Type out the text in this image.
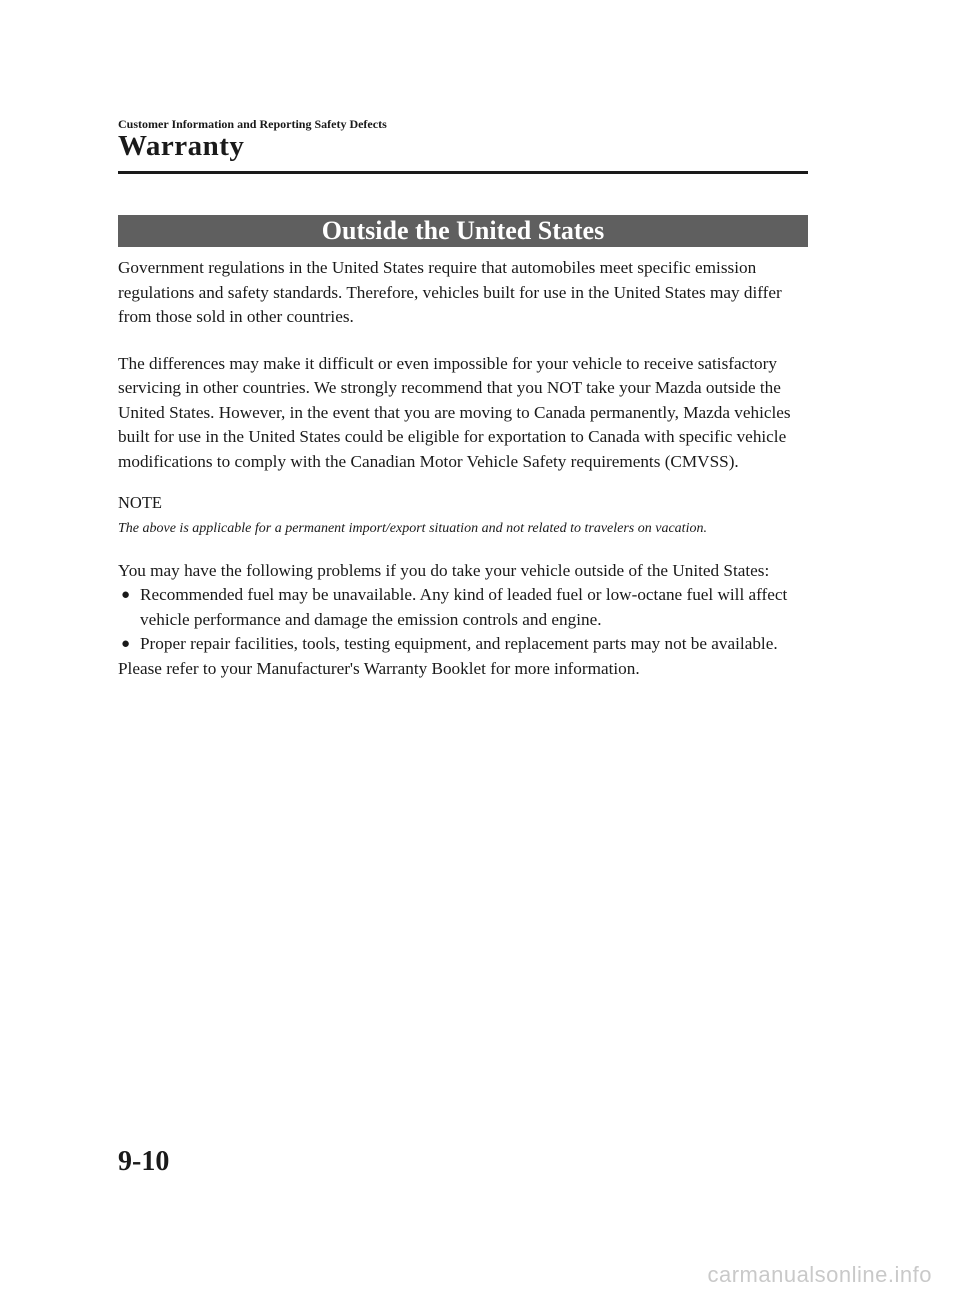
Customer Information and Reporting Safety Defects
Warranty
Outside the United States

Government regulations in the United States require that automobiles meet specific emission regulations and safety standards. Therefore, vehicles built for use in the United States may differ from those sold in other countries.

The differences may make it difficult or even impossible for your vehicle to receive satisfactory servicing in other countries. We strongly recommend that you NOT take your Mazda outside the United States. However, in the event that you are moving to Canada permanently, Mazda vehicles built for use in the United States could be eligible for exportation to Canada with specific vehicle modifications to comply with the Canadian Motor Vehicle Safety requirements (CMVSS).

NOTE

The above is applicable for a permanent import/export situation and not related to travelers on vacation.

You may have the following problems if you do take your vehicle outside of the United States:

● Recommended fuel may be unavailable. Any kind of leaded fuel or low-octane fuel will affect vehicle performance and damage the emission controls and engine.
● Proper repair facilities, tools, testing equipment, and replacement parts may not be available.

Please refer to your Manufacturer's Warranty Booklet for more information.

9-10
carmanualsonline.info
